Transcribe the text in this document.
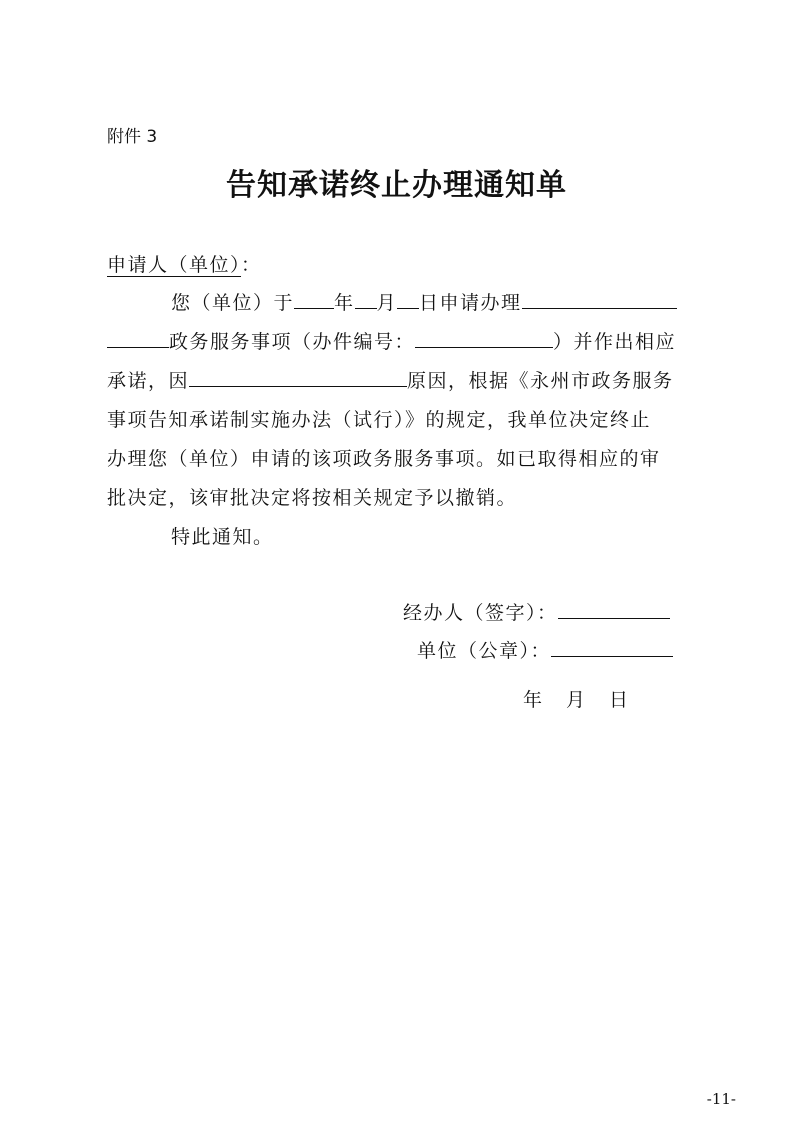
附件 3
告知承诺终止办理通知单
申请人（单位）：
您（单位）于 年 月 日申请办理
政务服务事项（办件编号：	）并作出相应
承诺，因	原因，根据《永州市政务服务
事项告知承诺制实施办法（试行）》的规定，我单位决定终止
办理您（单位）申请的该项政务服务事项。如已取得相应的审
批决定，该审批决定将按相关规定予以撤销。
特此通知。
经办人（签字）：
单位（公章）：
年 月 日
-11-
